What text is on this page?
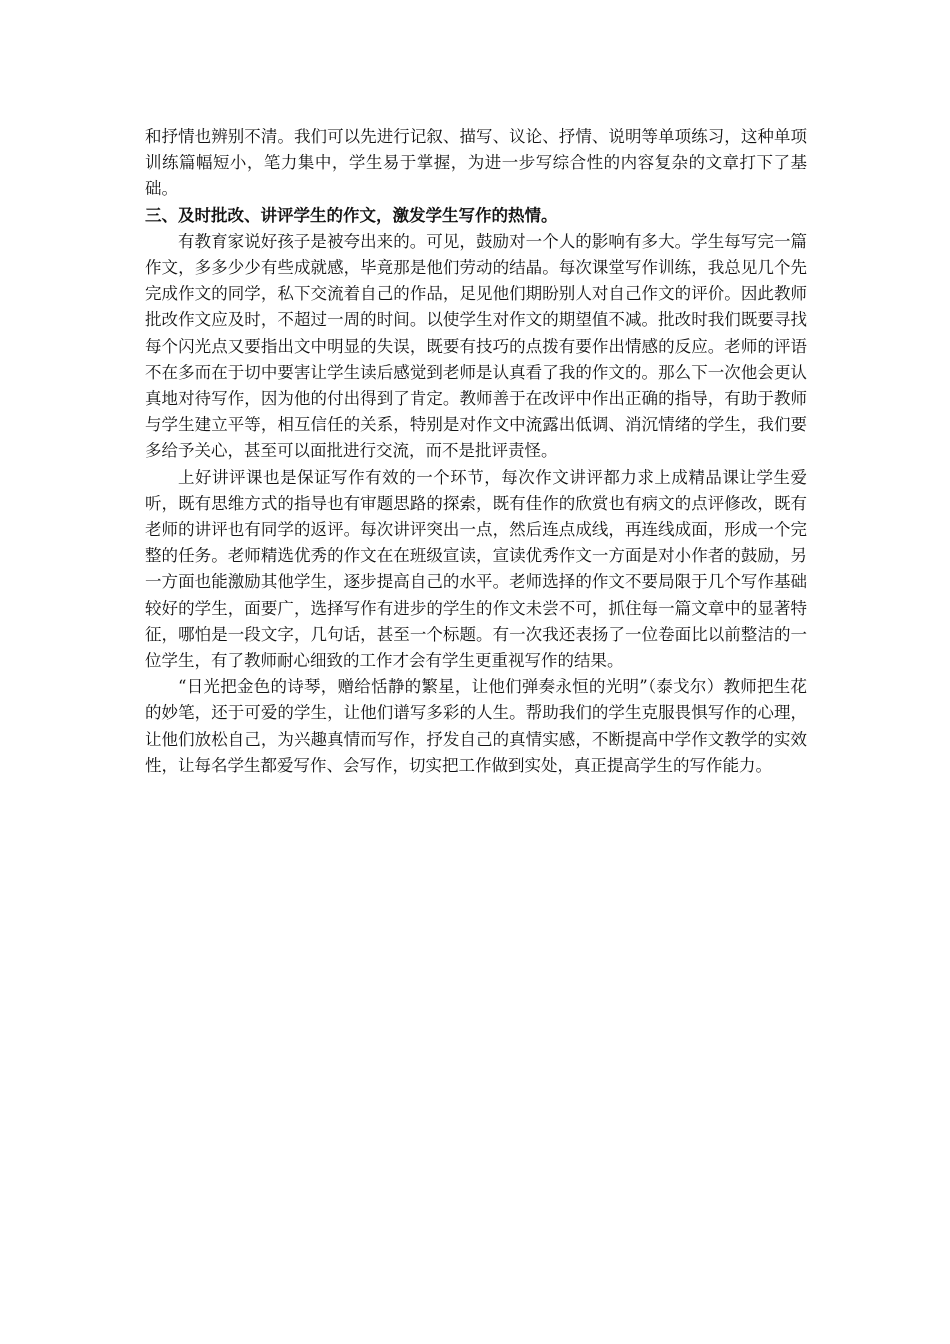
和抒情也辨别不清。我们可以先进行记叙、描写、议论、抒情、说明等单项练习，这种单项训练篇幅短小，笔力集中，学生易于掌握，为进一步写综合性的内容复杂的文章打下了基础。

三、及时批改、讲评学生的作文，激发学生写作的热情。

有教育家说好孩子是被夸出来的。可见，鼓励对一个人的影响有多大。学生每写完一篇作文，多多少少有些成就感，毕竟那是他们劳动的结晶。每次课堂写作训练，我总见几个先完成作文的同学，私下交流着自己的作品，足见他们期盼别人对自己作文的评价。因此教师批改作文应及时，不超过一周的时间。以使学生对作文的期望值不减。批改时我们既要寻找每个闪光点又要指出文中明显的失误，既要有技巧的点拨有要作出情感的反应。老师的评语不在多而在于切中要害让学生读后感觉到老师是认真看了我的作文的。那么下一次他会更认真地对待写作，因为他的付出得到了肯定。教师善于在改评中作出正确的指导，有助于教师与学生建立平等，相互信任的关系，特别是对作文中流露出低调、消沉情绪的学生，我们要多给予关心，甚至可以面批进行交流，而不是批评责怪。

上好讲评课也是保证写作有效的一个环节，每次作文讲评都力求上成精品课让学生爱听，既有思维方式的指导也有审题思路的探索，既有佳作的欣赏也有病文的点评修改，既有老师的讲评也有同学的返评。每次讲评突出一点，然后连点成线，再连线成面，形成一个完整的任务。老师精选优秀的作文在在班级宣读，宣读优秀作文一方面是对小作者的鼓励，另一方面也能激励其他学生，逐步提高自己的水平。老师选择的作文不要局限于几个写作基础较好的学生，面要广，选择写作有进步的学生的作文未尝不可，抓住每一篇文章中的显著特征，哪怕是一段文字，几句话，甚至一个标题。有一次我还表扬了一位卷面比以前整洁的一位学生，有了教师耐心细致的工作才会有学生更重视写作的结果。

“日光把金色的诗琴，赠给恬静的繁星，让他们弹奏永恒的光明”（泰戈尔）教师把生花的妙笔，还于可爱的学生，让他们谱写多彩的人生。帮助我们的学生克服畏惧写作的心理，让他们放松自己，为兴趣真情而写作，抒发自己的真情实感，不断提高中学作文教学的实效性，让每名学生都爱写作、会写作，切实把工作做到实处，真正提高学生的写作能力。
